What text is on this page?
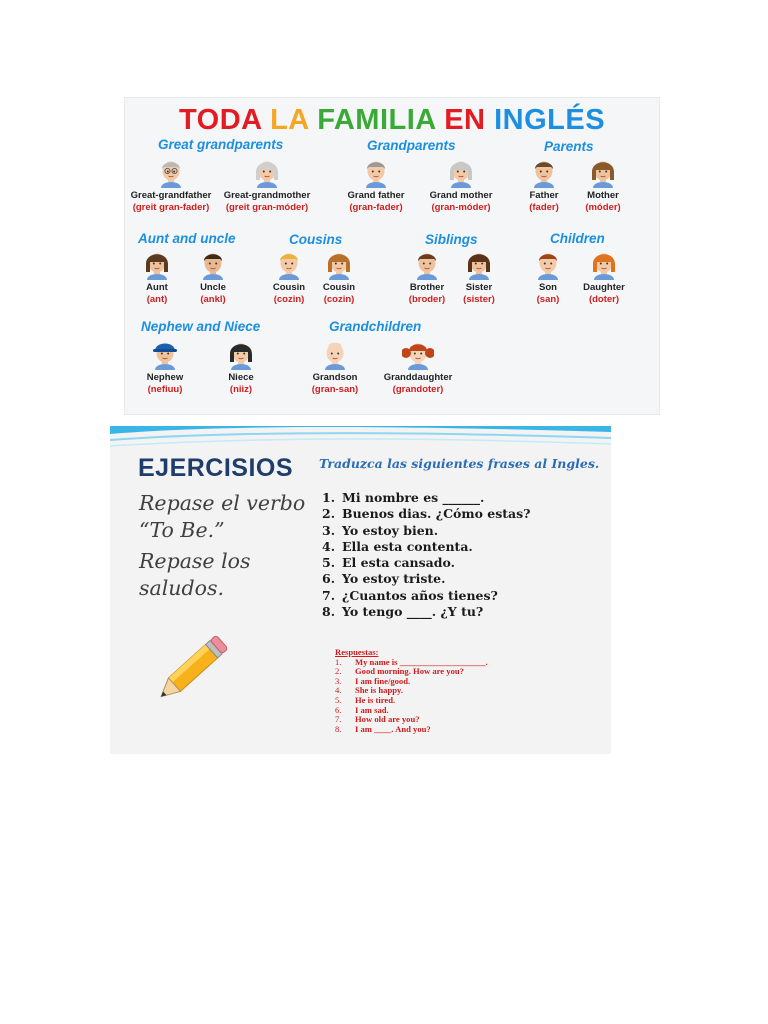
TODA LA FAMILIA EN INGLÉS
Great grandparents	Grandparents	Parents
Aunt and uncle	Cousins	Siblings	Children
Nephew and Niece	Grandchildren
Great-grandfather
(greit gran-fader)
Great-grandmother
(greit gran-móder)
Grand father
(gran-fader)
Grand mother
(gran-móder)
Father
(fader)
Mother
(móder)
Aunt
(ant)
Uncle
(ankl)
Cousin
(cozin)
Cousin
(cozin)
Brother
(broder)
Sister
(sister)
Son
(san)
Daughter
(doter)
Nephew
(nefiuu)
Niece
(niiz)
Grandson
(gran-san)
Granddaughter
(grandoter)
EJERCISIOS
Repase el verbo
“To Be.”
Repase los
saludos.
Traduzca las siguientes frases al Ingles.
1. Mi nombre es ______.
2. Buenos dias. ¿Cómo estas?
3. Yo estoy bien.
4. Ella esta contenta.
5. El esta cansado.
6. Yo estoy triste.
7. ¿Cuantos años tienes?
8. Yo tengo ____. ¿Y tu?
Respuestas:
1. My name is ____________________.
2. Good morning. How are you?
3. I am fine/good.
4. She is happy.
5. He is tired.
6. I am sad.
7. How old are you?
8. I am ____. And you?
